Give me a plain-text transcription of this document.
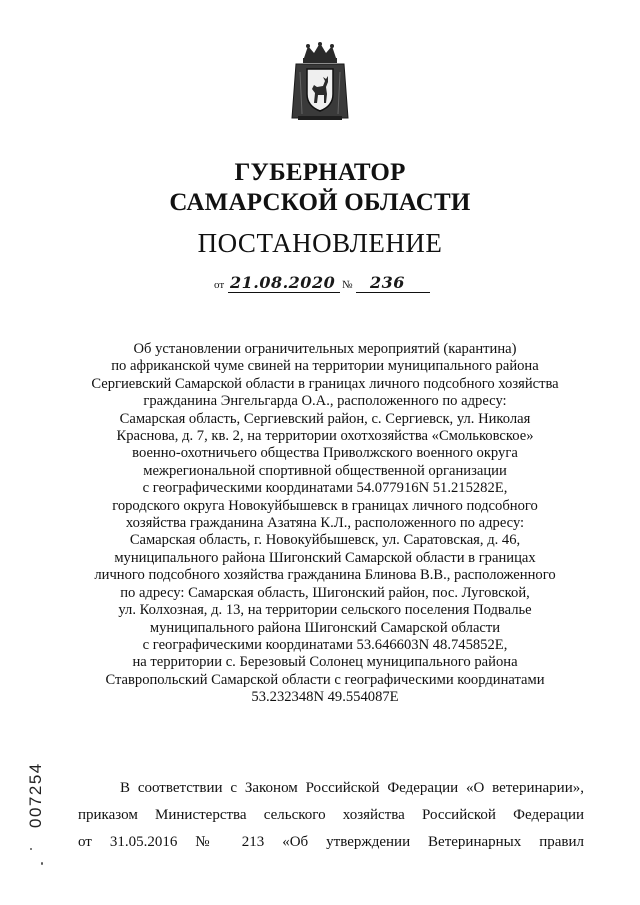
ГУБЕРНАТОР
САМАРСКОЙ ОБЛАСТИ
ПОСТАНОВЛЕНИЕ
от 21.08.2020 № 236
Об установлении ограничительных мероприятий (карантина)
по африканской чуме свиней на территории муниципального района
Сергиевский Самарской области в границах личного подсобного хозяйства
гражданина Энгельгарда О.А., расположенного по адресу:
Самарская область, Сергиевский район, с. Сергиевск, ул. Николая
Краснова, д. 7, кв. 2, на территории охотхозяйства «Смольковское»
военно-охотничьего общества Приволжского военного округа
межрегиональной спортивной общественной организации
с географическими координатами 54.077916N 51.215282E,
городского округа Новокуйбышевск в границах личного подсобного
хозяйства гражданина Азатяна К.Л., расположенного по адресу:
Самарская область, г. Новокуйбышевск, ул. Саратовская, д. 46,
муниципального района Шигонский Самарской области в границах
личного подсобного хозяйства гражданина Блинова В.В., расположенного
по адресу: Самарская область, Шигонский район, пос. Луговской,
ул. Колхозная, д. 13, на территории сельского поселения Подвалье
муниципального района Шигонский Самарской области
с географическими координатами 53.646603N 48.745852E,
на территории с. Березовый Солонец муниципального района
Ставропольский Самарской области с географическими координатами
53.232348N 49.554087E
В соответствии с Законом Российской Федерации «О ветеринарии»,
приказом Министерства сельского хозяйства Российской Федерации
от 31.05.2016 № 213 «Об утверждении Ветеринарных правил
007254
